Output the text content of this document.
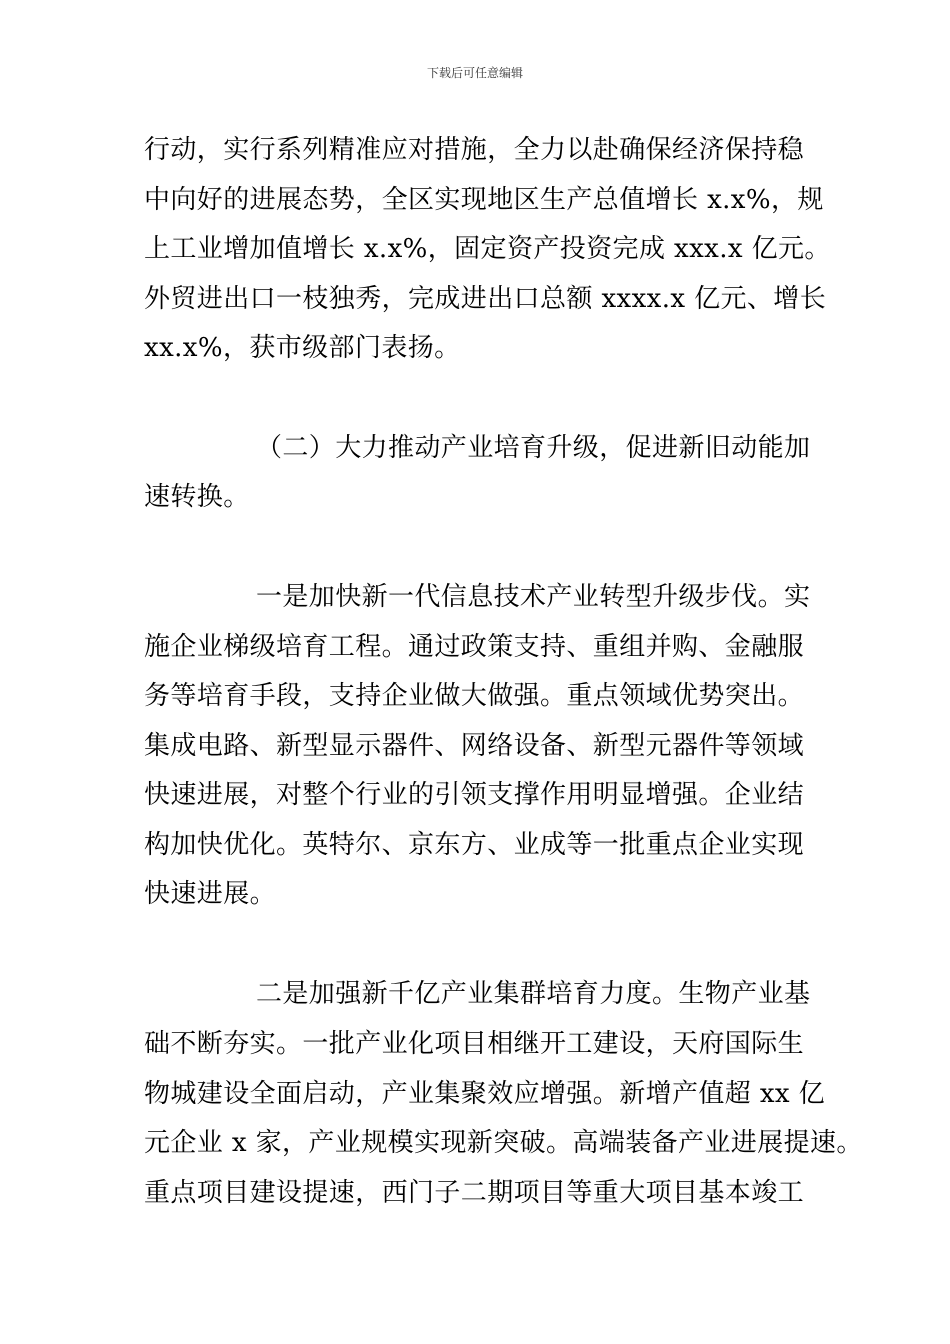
下载后可任意编辑
行动，实行系列精准应对措施，全力以赴确保经济保持稳
中向好的进展态势，全区实现地区生产总值增长 x.x%，规
上工业增加值增长 x.x%，固定资产投资完成 xxx.x 亿元。
外贸进出口一枝独秀，完成进出口总额 xxxx.x 亿元、增长
xx.x%，获市级部门表扬。
（二）大力推动产业培育升级，促进新旧动能加
速转换。
一是加快新一代信息技术产业转型升级步伐。实
施企业梯级培育工程。通过政策支持、重组并购、金融服
务等培育手段，支持企业做大做强。重点领域优势突出。
集成电路、新型显示器件、网络设备、新型元器件等领域
快速进展，对整个行业的引领支撑作用明显增强。企业结
构加快优化。英特尔、京东方、业成等一批重点企业实现
快速进展。
二是加强新千亿产业集群培育力度。生物产业基
础不断夯实。一批产业化项目相继开工建设，天府国际生
物城建设全面启动，产业集聚效应增强。新增产值超 xx 亿
元企业 x 家，产业规模实现新突破。高端装备产业进展提速。
重点项目建设提速，西门子二期项目等重大项目基本竣工
